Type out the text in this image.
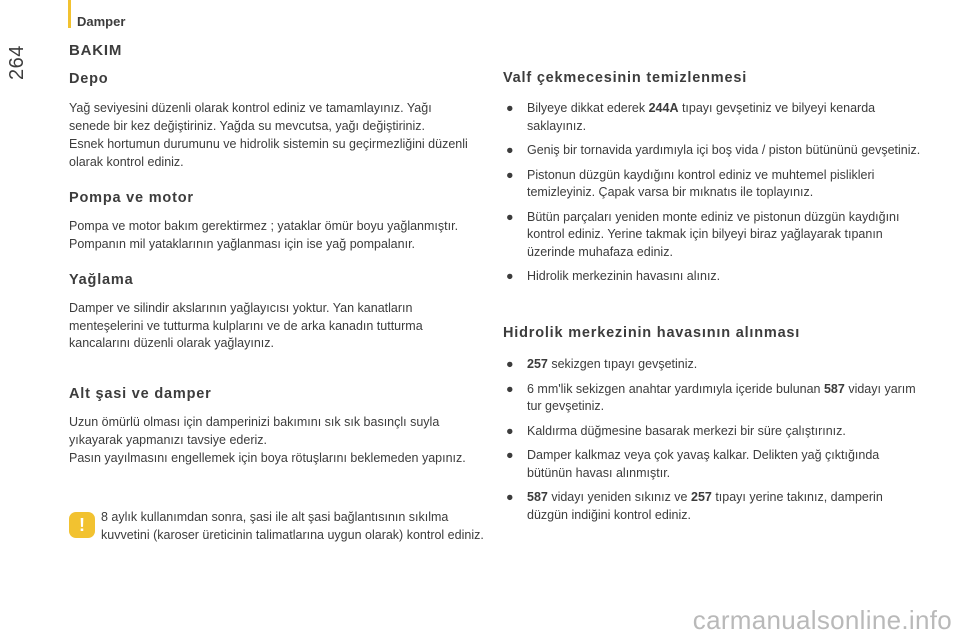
Damper
264	BAKIM
Depo

Yağ seviyesini düzenli olarak kontrol ediniz ve tamamlayınız. Yağı senede bir kez değiştiriniz. Yağda su mevcutsa, yağı değiştiriniz.

Esnek hortumun durumunu ve hidrolik sistemin su geçirmezliğini düzenli olarak kontrol ediniz.

Pompa ve motor

Pompa ve motor bakım gerektirmez ; yataklar ömür boyu yağlanmıştır. Pompanın mil yataklarının yağlanması için ise yağ pompalanır.

Yağlama

Damper ve silindir akslarının yağlayıcısı yoktur. Yan kanatların menteşelerini ve tutturma kulplarını ve de arka kanadın tutturma kancalarını düzenli olarak yağlayınız.

Alt şasi ve damper

Uzun ömürlü olması için damperinizi bakımını sık sık basınçlı suyla yıkayarak yapmanızı tavsiye ederiz.

Pasın yayılmasını engellemek için boya rötuşlarını beklemeden yapınız.

! 8 aylık kullanımdan sonra, şasi ile alt şasi bağlantısının sıkılma kuvvetini (karoser üreticinin talimatlarına uygun olarak) kontrol ediniz.

Valf çekmecesinin temizlenmesi
● Bilyeye dikkat ederek 244A tıpayı gevşetiniz ve bilyeyi kenarda saklayınız.
● Geniş bir tornavida yardımıyla içi boş vida / piston bütününü gevşetiniz.
● Pistonun düzgün kaydığını kontrol ediniz ve muhtemel pislikleri temizleyiniz. Çapak varsa bir mıknatıs ile toplayınız.
● Bütün parçaları yeniden monte ediniz ve pistonun düzgün kaydığını kontrol ediniz. Yerine takmak için bilyeyi biraz yağlayarak tıpanın üzerinde muhafaza ediniz.
● Hidrolik merkezinin havasını alınız.
Hidrolik merkezinin havasının alınması
● 257 sekizgen tıpayı gevşetiniz.
● 6 mm'lik sekizgen anahtar yardımıyla içeride bulunan 587 vidayı yarım tur gevşetiniz.
● Kaldırma düğmesine basarak merkezi bir süre çalıştırınız.
● Damper kalkmaz veya çok yavaş kalkar. Delikten yağ çıktığında bütünün havası alınmıştır.
● 587 vidayı yeniden sıkınız ve 257 tıpayı yerine takınız, damperin düzgün indiğini kontrol ediniz.
carmanualsonline.info
